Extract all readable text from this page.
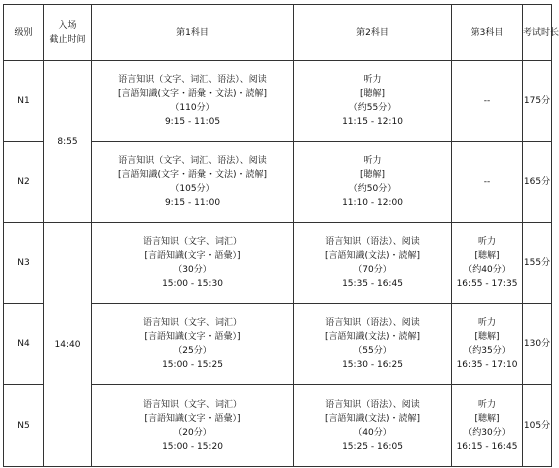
级别	入场
截止时间	第1科目	第2科目	第3科目	考试时长
N1	8:55	语言知识（文字、词汇、语法）、阅读
[言語知識(文字・語彙・文法)・読解]
（110分）
9:15 - 11:05	听力
[聴解]
（约55分）
11:15 - 12:10	--	175分
N2		语言知识（文字、词汇、语法）、阅读
[言語知識(文字・語彙・文法)・読解]
（105分）
9:15 - 11:00	听力
[聴解]
（约50分）
11:10 - 12:00	--	165分
N3	14:40	语言知识（文字、词汇）
[言語知識(文字・語彙）]
（30分）
15:00 - 15:30	语言知识（语法）、阅读
[言語知識(文法)・読解]
（70分）
15:35 - 16:45	听力
[聴解]
（约40分）
16:55 - 17:35	155分
N4		语言知识（文字、词汇）
[言語知識(文字・語彙）]
（25分）
15:00 - 15:25	语言知识（语法）、阅读
[言語知識(文法)・読解]
（55分）
15:30 - 16:25	听力
[聴解]
（约35分）
16:35 - 17:10	130分
N5		语言知识（文字、词汇）
[言語知識(文字・語彙）]
（20分）
15:00 - 15:20	语言知识（语法）、阅读
[言語知識(文法)・読解]
（40分）
15:25 - 16:05	听力
[聴解]
（约30分）
16:15 - 16:45	105分
